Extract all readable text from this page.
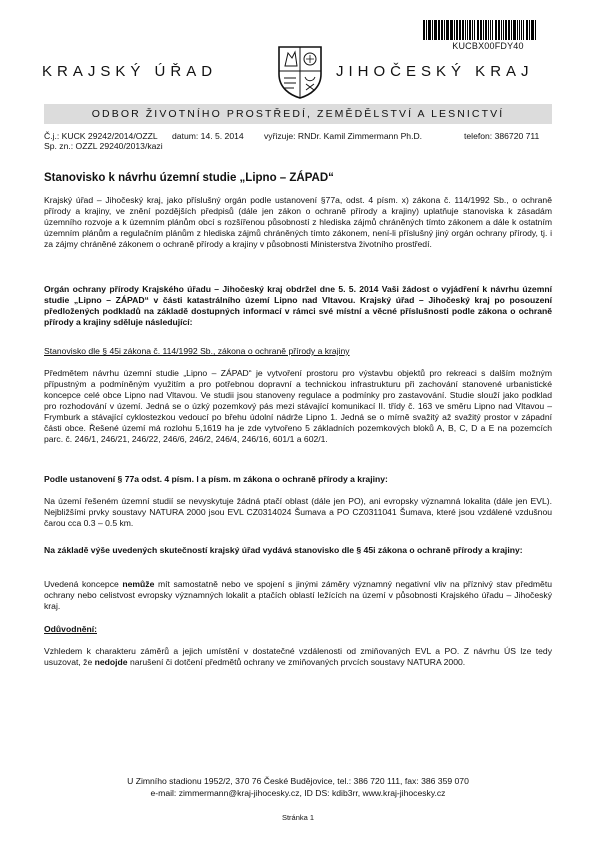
KUCBX00FDY40
KRAJSKÝ ÚŘAD	JIHOČESKÝ KRAJ
ODBOR ŽIVOTNÍHO PROSTŘEDÍ, ZEMĚDĚLSTVÍ A LESNICTVÍ
Č.j.: KUCK 29242/2014/OZZL datum: 14. 5. 2014 vyřizuje: RNDr. Kamil Zimmermann Ph.D.	telefon: 386720 711
Sp. zn.: OZZL 29240/2013/kazi
Stanovisko k návrhu územní studie „Lipno – ZÁPAD“
Krajský úřad – Jihočeský kraj, jako příslušný orgán podle ustanovení §77a, odst. 4 písm. x) zákona č. 114/1992 Sb., o ochraně přírody a krajiny, ve znění pozdějších předpisů (dále jen zákon o ochraně přírody a krajiny) uplatňuje stanoviska k zásadám územního rozvoje a k územním plánům obcí s rozšířenou působností z hlediska zájmů chráněných tímto zákonem a dále k ostatním územním plánům a regulačním plánům z hlediska zájmů chráněných tímto zákonem, není-li příslušný jiný orgán ochrany přírody, tj. i za zájmy chráněné zákonem o ochraně přírody a krajiny v působnosti Ministerstva životního prostředí.
Orgán ochrany přírody Krajského úřadu – Jihočeský kraj obdržel dne 5. 5. 2014 Vaši žádost o vyjádření k návrhu územní studie „Lipno – ZÁPAD“ v části katastrálního území Lipno nad Vltavou. Krajský úřad – Jihočeský kraj po posouzení předložených podkladů na základě dostupných informací v rámci své místní a věcné příslušnosti podle zákona o ochraně přírody a krajiny sděluje následující:
Stanovisko dle § 45i zákona č. 114/1992 Sb., zákona o ochraně přírody a krajiny
Předmětem návrhu územní studie „Lipno – ZÁPAD“ je vytvoření prostoru pro výstavbu objektů pro rekreaci s dalším možným přípustným a podmíněným využitím a pro potřebnou dopravní a technickou infrastrukturu při zachování stanovené urbanistické koncepce celé obce Lipno nad Vltavou. Ve studii jsou stanoveny regulace a podmínky pro zastavování. Studie slouží jako podklad pro rozhodování v území. Jedná se o úzký pozemkový pás mezi stávající komunikací II. třídy č. 163 ve směru Lipno nad Vltavou – Frymburk a stávající cyklostezkou vedoucí po břehu údolní nádrže Lipno 1. Jedná se o mírně svažitý až svažitý prostor v západní části obce. Řešené území má rozlohu 5,1619 ha je zde vytvořeno 5 základních pozemkových bloků A, B, C, D a E na pozemcích parc. č. 246/1, 246/21, 246/22, 246/6, 246/2, 246/4, 246/16, 601/1 a 602/1.
Podle ustanovení § 77a odst. 4 písm. l a písm. m zákona o ochraně přírody a krajiny:
Na území řešeném územní studií se nevyskytuje žádná ptačí oblast (dále jen PO), ani evropsky významná lokalita (dále jen EVL). Nejbližšími prvky soustavy NATURA 2000 jsou EVL CZ0314024 Šumava a PO CZ0311041 Šumava, které jsou vzdálené vzdušnou čarou cca 0.3 – 0.5 km.
Na základě výše uvedených skutečností krajský úřad vydává stanovisko dle § 45i zákona o ochraně přírody a krajiny:
Uvedená koncepce nemůže mít samostatně nebo ve spojení s jinými záměry významný negativní vliv na příznivý stav předmětu ochrany nebo celistvost evropsky významných lokalit a ptačích oblastí ležících na území v působnosti Krajského úřadu – Jihočeský kraj.
Odůvodnění:
Vzhledem k charakteru záměrů a jejich umístění v dostatečné vzdálenosti od zmiňovaných EVL a PO. Z návrhu ÚS lze tedy usuzovat, že nedojde narušení či dotčení předmětů ochrany ve zmiňovaných prvcích soustavy NATURA 2000.
U Zimního stadionu 1952/2, 370 76 České Budějovice, tel.: 386 720 111, fax: 386 359 070
e-mail: zimmermann@kraj-jihocesky.cz, ID DS: kdib3rr, www.kraj-jihocesky.cz
Stránka 1
